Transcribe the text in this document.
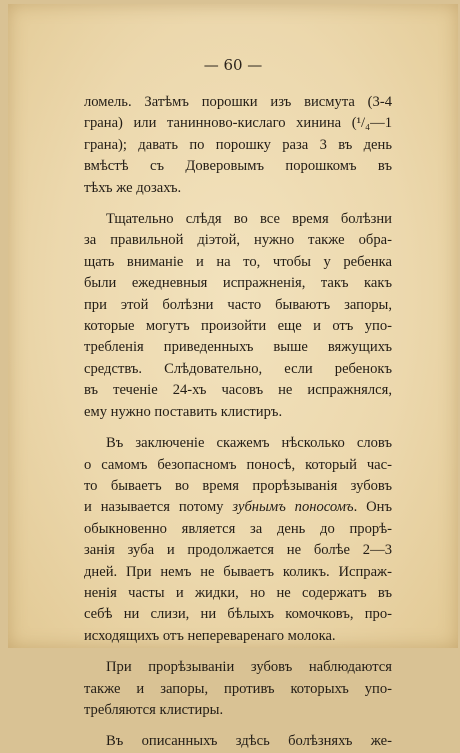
— 60 —
ломель. Затѣмъ порошки изъ висмута (3-4
грана) или танинново-кислаго хинина (¹/₄—1
грана); давать по порошку раза 3 въ день
вмѣстѣ съ Доверовымъ порошкомъ въ
тѣхъ же дозахъ.
Тщательно слѣдя во все время болѣзни
за правильной діэтой, нужно также обра-
щать вниманіе и на то, чтобы у ребенка
были ежедневныя испражненія, такъ какъ
при этой болѣзни часто бываютъ запоры,
которые могутъ произойти еще и отъ упо-
требленія приведенныхъ выше вяжущихъ
средствъ. Слѣдовательно, если ребенокъ
въ теченіе 24-хъ часовъ не испражнялся,
ему нужно поставить клистиръ.
Въ заключеніе скажемъ нѣсколько словъ
о самомъ безопасномъ поносѣ, который час-
то бываетъ во время прорѣзыванія зубовъ
и называется потому зубнымъ поносомъ. Онъ
обыкновенно является за день до прорѣ-
занія зуба и продолжается не болѣе 2—3
дней. При немъ не бываетъ коликъ. Испраж-
ненія часты и жидки, но не содержатъ въ
себѣ ни слизи, ни бѣлыхъ комочковъ, про-
исходящихъ отъ непереваренаго молока.
При прорѣзываніи зубовъ наблюдаются
также и запоры, противъ которыхъ упо-
требляются клистиры.
Въ описанныхъ здѣсь болѣзняхъ же-
